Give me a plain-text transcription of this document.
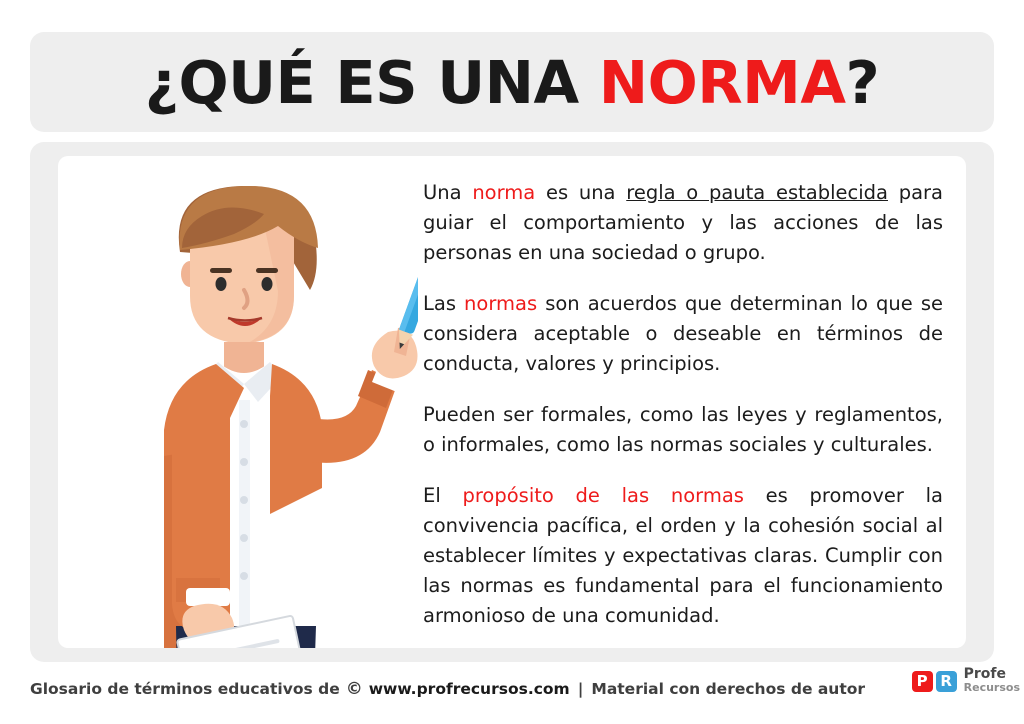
¿QUÉ ES UNA NORMA?

Una norma es una regla o pauta establecida para guiar el comportamiento y las acciones de las personas en una sociedad o grupo.

Las normas son acuerdos que determinan lo que se considera aceptable o deseable en términos de conducta, valores y principios.

Pueden ser formales, como las leyes y reglamentos, o informales, como las normas sociales y culturales.

El propósito de las normas es promover la convivencia pacífica, el orden y la cohesión social al establecer límites y expectativas claras. Cumplir con las normas es fundamental para el funcionamiento armonioso de una comunidad.

Glosario de términos educativos de © www.profrecursos.com | Material con derechos de autor	P R Profe
Recursos
